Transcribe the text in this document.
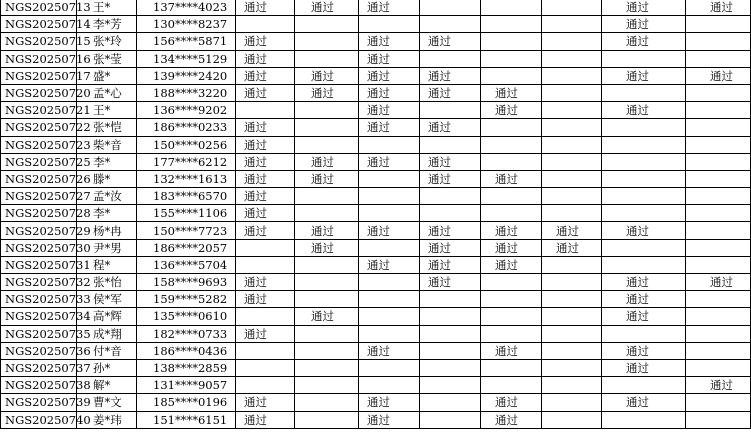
NGS20250713	王*	137****4023	通过	通过	通过				通过	通过
NGS20250714	李*芳	130****8237							通过	
NGS20250715	张*玲	156****5871	通过		通过	通过			通过	
NGS20250716	张*莹	134****5129	通过		通过					
NGS20250717	盛*	139****2420	通过	通过	通过	通过			通过	通过
NGS20250720	孟*心	188****3220	通过	通过	通过	通过	通过			
NGS20250721	王*	136****9202			通过		通过		通过	
NGS20250722	张*恺	186****0233	通过		通过	通过				
NGS20250723	柴*音	150****0256	通过							
NGS20250725	李*	177****6212	通过	通过	通过	通过				
NGS20250726	滕*	132****1613	通过	通过		通过	通过			
NGS20250727	孟*汝	183****6570	通过							
NGS20250728	李*	155****1106	通过							
NGS20250729	杨*冉	150****7723	通过	通过	通过	通过	通过	通过	通过	
NGS20250730	尹*男	186****2057		通过		通过	通过	通过		
NGS20250731	程*	136****5704			通过	通过	通过			
NGS20250732	张*怡	158****9693	通过			通过			通过	通过
NGS20250733	侯*军	159****5282	通过						通过	
NGS20250734	高*辉	135****0610		通过					通过	
NGS20250735	成*翔	182****0733	通过							
NGS20250736	付*音	186****0436			通过		通过		通过	
NGS20250737	孙*	138****2859							通过	
NGS20250738	解*	131****9057								通过
NGS20250739	曹*文	185****0196	通过		通过		通过		通过	
NGS20250740	姜*玮	151****6151	通过		通过		通过			
